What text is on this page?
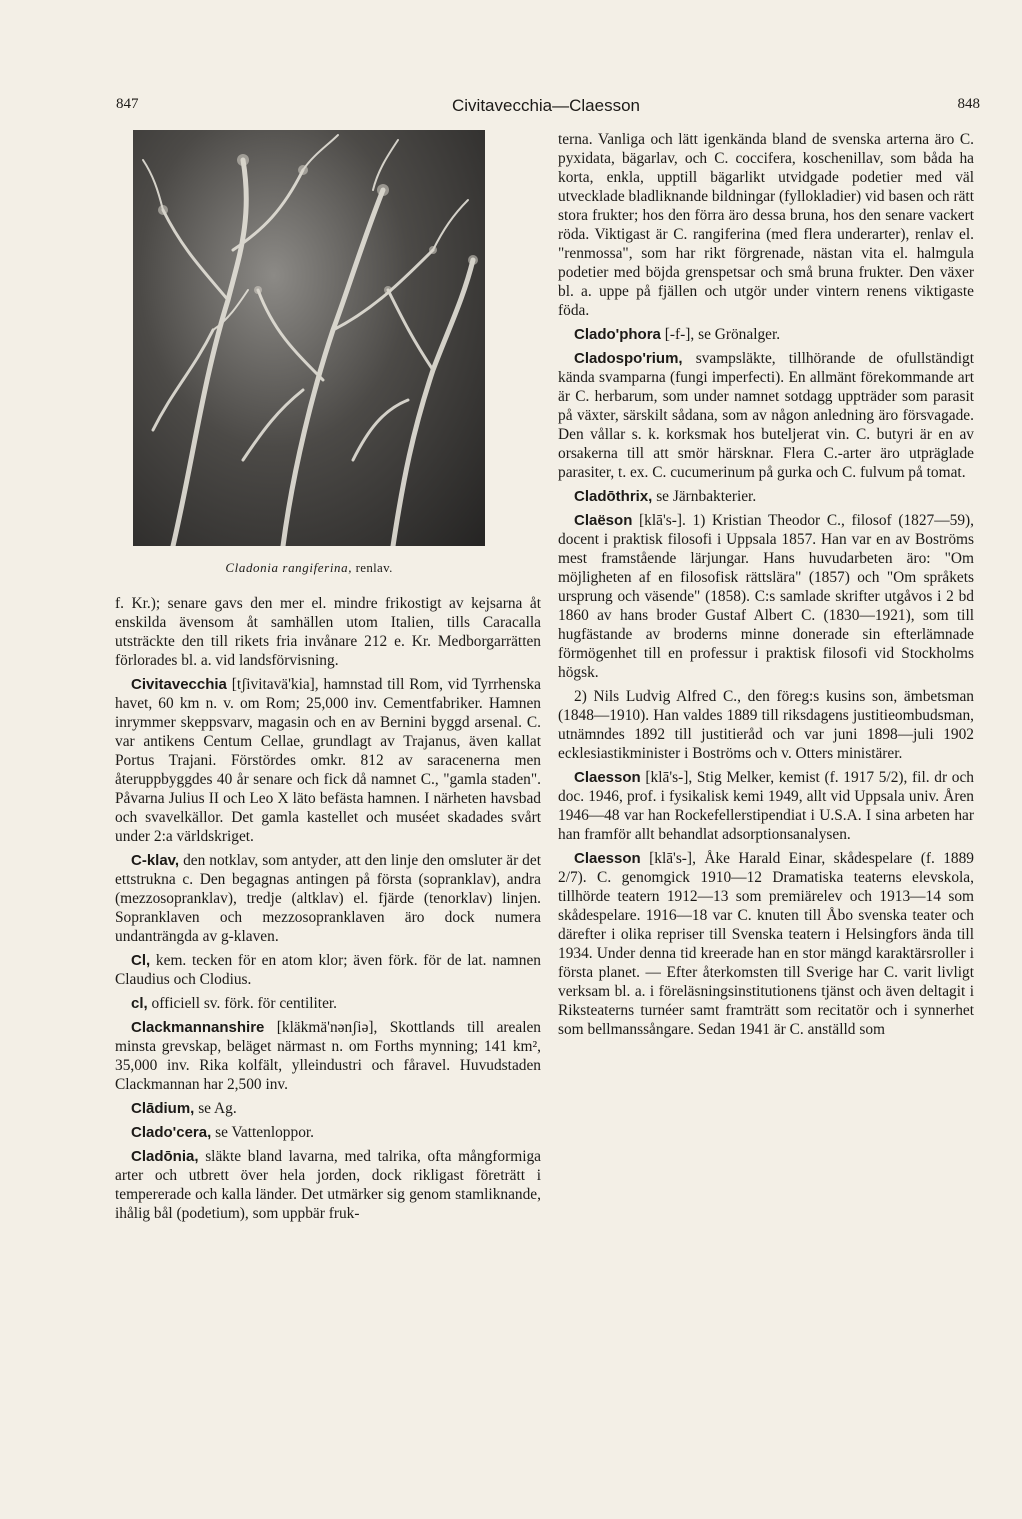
847	Civitavecchia—Claesson	848
Cladonia rangiferina, renlav.

f. Kr.); senare gavs den mer el. mindre frikostigt av kejsarna åt enskilda ävensom åt samhällen utom Italien, tills Caracalla utsträckte den till rikets fria invånare 212 e. Kr. Medborgarrätten förlorades bl. a. vid landsförvisning.

Civitavecchia [tʃivitavä'kia], hamnstad till Rom, vid Tyrrhenska havet, 60 km n. v. om Rom; 25,000 inv. Cementfabriker. Hamnen inrymmer skeppsvarv, magasin och en av Bernini byggd arsenal. C. var antikens Centum Cellae, grundlagt av Trajanus, även kallat Portus Trajani. Förstördes omkr. 812 av saracenerna men återuppbyggdes 40 år senare och fick då namnet C., "gamla staden". Påvarna Julius II och Leo X läto befästa hamnen. I närheten havsbad och svavelkällor. Det gamla kastellet och muséet skadades svårt under 2:a världskriget.

C-klav, den notklav, som antyder, att den linje den omsluter är det ettstrukna c. Den begagnas antingen på första (sopranklav), andra (mezzosopranklav), tredje (altklav) el. fjärde (tenorklav) linjen. Sopranklaven och mezzosopranklaven äro dock numera undanträngda av g-klaven.

Cl, kem. tecken för en atom klor; även förk. för de lat. namnen Claudius och Clodius.

cl, officiell sv. förk. för centiliter.

Clackmannanshire [kläkmä'nənʃiə], Skottlands till arealen minsta grevskap, beläget närmast n. om Forths mynning; 141 km², 35,000 inv. Rika kolfält, ylleindustri och fåravel. Huvudstaden Clackmannan har 2,500 inv.

Clādium, se Ag.

Clado'cera, se Vattenloppor.

Cladōnia, släkte bland lavarna, med talrika, ofta mångformiga arter och utbrett över hela jorden, dock rikligast företrätt i tempererade och kalla länder. Det utmärker sig genom stamliknande, ihålig bål (podetium), som uppbär fruk-

terna. Vanliga och lätt igenkända bland de svenska arterna äro C. pyxidata, bägarlav, och C. coccifera, koschenillav, som båda ha korta, enkla, upptill bägarlikt utvidgade podetier med väl utvecklade bladliknande bildningar (fyllokladier) vid basen och rätt stora frukter; hos den förra äro dessa bruna, hos den senare vackert röda. Viktigast är C. rangiferina (med flera underarter), renlav el. "renmossa", som har rikt förgrenade, nästan vita el. halmgula podetier med böjda grenspetsar och små bruna frukter. Den växer bl. a. uppe på fjällen och utgör under vintern renens viktigaste föda.

Clado'phora [-f-], se Grönalger.

Cladospo'rium, svampsläkte, tillhörande de ofullständigt kända svamparna (fungi imperfecti). En allmänt förekommande art är C. herbarum, som under namnet sotdagg uppträder som parasit på växter, särskilt sådana, som av någon anledning äro försvagade. Den vållar s. k. korksmak hos buteljerat vin. C. butyri är en av orsakerna till att smör härsknar. Flera C.-arter äro utpräglade parasiter, t. ex. C. cucumerinum på gurka och C. fulvum på tomat.

Cladōthrix, se Järnbakterier.

Claëson [klā's-]. 1) Kristian Theodor C., filosof (1827—59), docent i praktisk filosofi i Uppsala 1857. Han var en av Boströms mest framstående lärjungar. Hans huvudarbeten äro: "Om möjligheten af en filosofisk rättslära" (1857) och "Om språkets ursprung och väsende" (1858). C:s samlade skrifter utgåvos i 2 bd 1860 av hans broder Gustaf Albert C. (1830—1921), som till hugfästande av broderns minne donerade sin efterlämnade förmögenhet till en professur i praktisk filosofi vid Stockholms högsk.

2) Nils Ludvig Alfred C., den föreg:s kusins son, ämbetsman (1848—1910). Han valdes 1889 till riksdagens justitieombudsman, utnämndes 1892 till justitieråd och var juni 1898—juli 1902 ecklesiastikminister i Boströms och v. Otters ministärer.

Claesson [klā's-], Stig Melker, kemist (f. 1917 5/2), fil. dr och doc. 1946, prof. i fysikalisk kemi 1949, allt vid Uppsala univ. Åren 1946—48 var han Rockefellerstipendiat i U.S.A. I sina arbeten har han framför allt behandlat adsorptionsanalysen.

Claesson [klā's-], Åke Harald Einar, skådespelare (f. 1889 2/7). C. genomgick 1910—12 Dramatiska teaterns elevskola, tillhörde teatern 1912—13 som premiärelev och 1913—14 som skådespelare. 1916—18 var C. knuten till Åbo svenska teater och därefter i olika repriser till Svenska teatern i Helsingfors ända till 1934. Under denna tid kreerade han en stor mängd karaktärsroller i första planet. — Efter återkomsten till Sverige har C. varit livligt verksam bl. a. i föreläsningsinstitutionens tjänst och även deltagit i Riksteaterns turnéer samt framträtt som recitatör och i synnerhet som bellmanssångare. Sedan 1941 är C. anställd som
